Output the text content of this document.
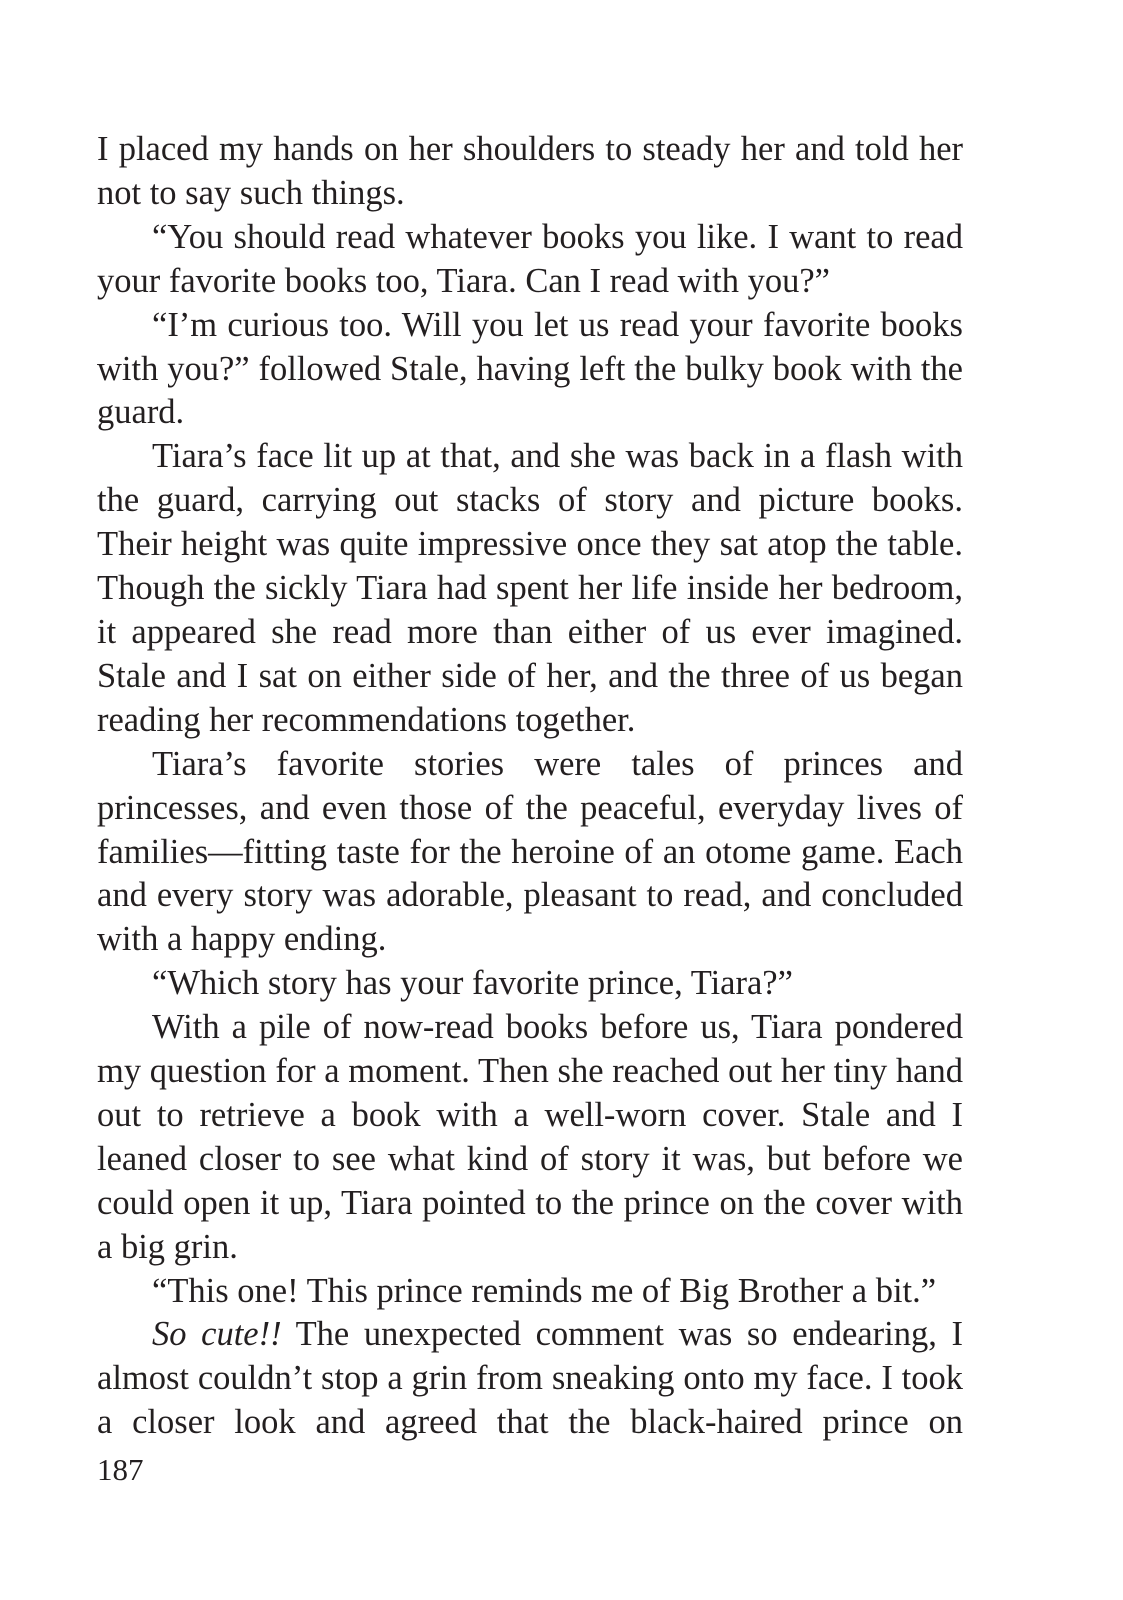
I placed my hands on her shoulders to steady her and told her not to say such things.

“You should read whatever books you like. I want to read your favorite books too, Tiara. Can I read with you?”

“I’m curious too. Will you let us read your favorite books with you?” followed Stale, having left the bulky book with the guard.

Tiara’s face lit up at that, and she was back in a flash with the guard, carrying out stacks of story and picture books. Their height was quite impressive once they sat atop the table. Though the sickly Tiara had spent her life inside her bedroom, it appeared she read more than either of us ever imagined. Stale and I sat on either side of her, and the three of us began reading her recommendations together.

Tiara’s favorite stories were tales of princes and princesses, and even those of the peaceful, everyday lives of families—fitting taste for the heroine of an otome game. Each and every story was adorable, pleasant to read, and concluded with a happy ending.

“Which story has your favorite prince, Tiara?”

With a pile of now-read books before us, Tiara pondered my question for a moment. Then she reached out her tiny hand out to retrieve a book with a well-worn cover. Stale and I leaned closer to see what kind of story it was, but before we could open it up, Tiara pointed to the prince on the cover with a big grin.

“This one! This prince reminds me of Big Brother a bit.”

So cute!! The unexpected comment was so endearing, I almost couldn’t stop a grin from sneaking onto my face. I took a closer look and agreed that the black-haired prince on

187
